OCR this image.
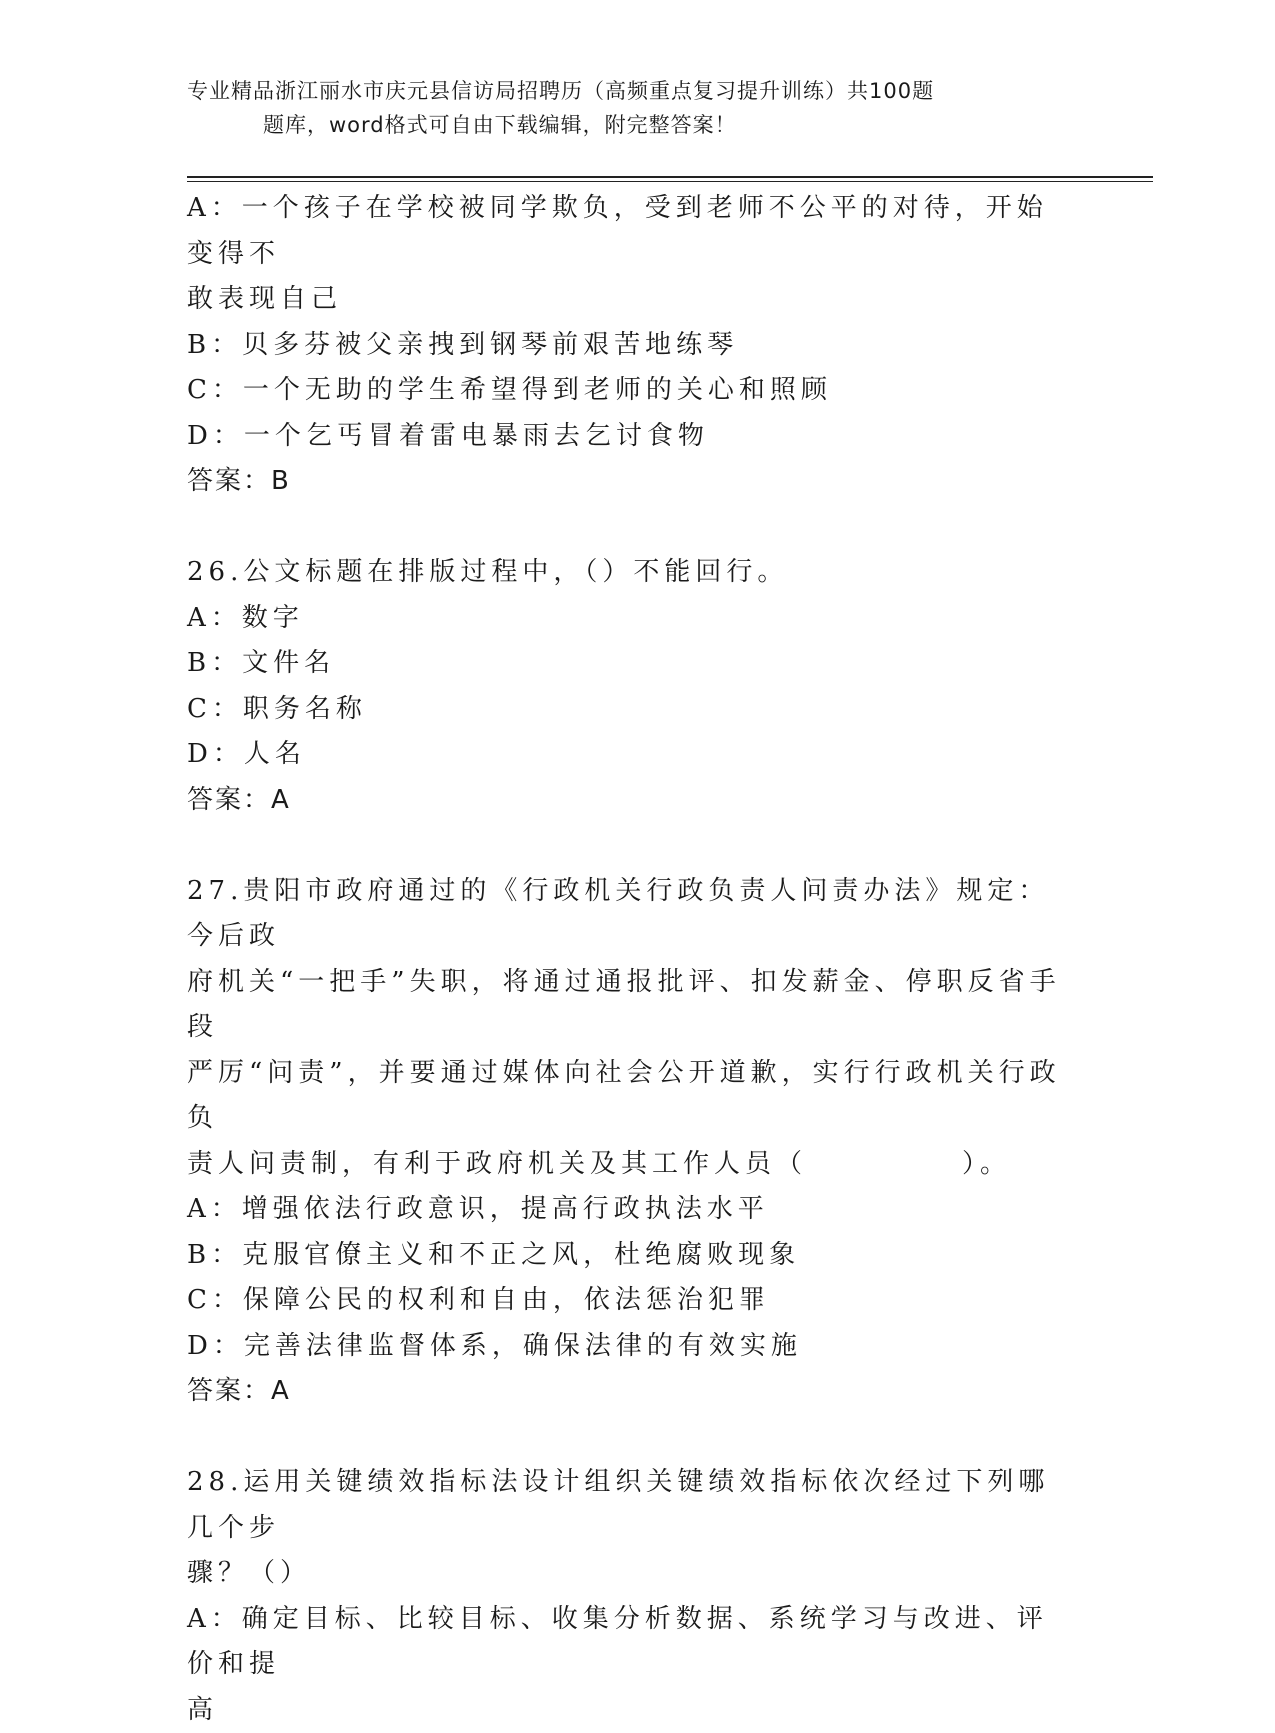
专业精品浙江丽水市庆元县信访局招聘历（高频重点复习提升训练）共100题
题库，word格式可自由下载编辑，附完整答案！

A：一个孩子在学校被同学欺负，受到老师不公平的对待，开始变得不

敢表现自己

B：贝多芬被父亲拽到钢琴前艰苦地练琴

C：一个无助的学生希望得到老师的关心和照顾

D：一个乞丐冒着雷电暴雨去乞讨食物

答案：B

26.公文标题在排版过程中，（）不能回行。

A：数字

B：文件名

C：职务名称

D：人名

答案：A

27.贵阳市政府通过的《行政机关行政负责人问责办法》规定：今后政

府机关“一把手”失职，将通过通报批评、扣发薪金、停职反省手段

严厉“问责”，并要通过媒体向社会公开道歉，实行行政机关行政负

责人问责制，有利于政府机关及其工作人员（　　　　　）。

A：增强依法行政意识，提高行政执法水平

B：克服官僚主义和不正之风，杜绝腐败现象

C：保障公民的权利和自由，依法惩治犯罪

D：完善法律监督体系，确保法律的有效实施

答案：A

28.运用关键绩效指标法设计组织关键绩效指标依次经过下列哪几个步

骤？（）

A：确定目标、比较目标、收集分析数据、系统学习与改进、评价和提

高
